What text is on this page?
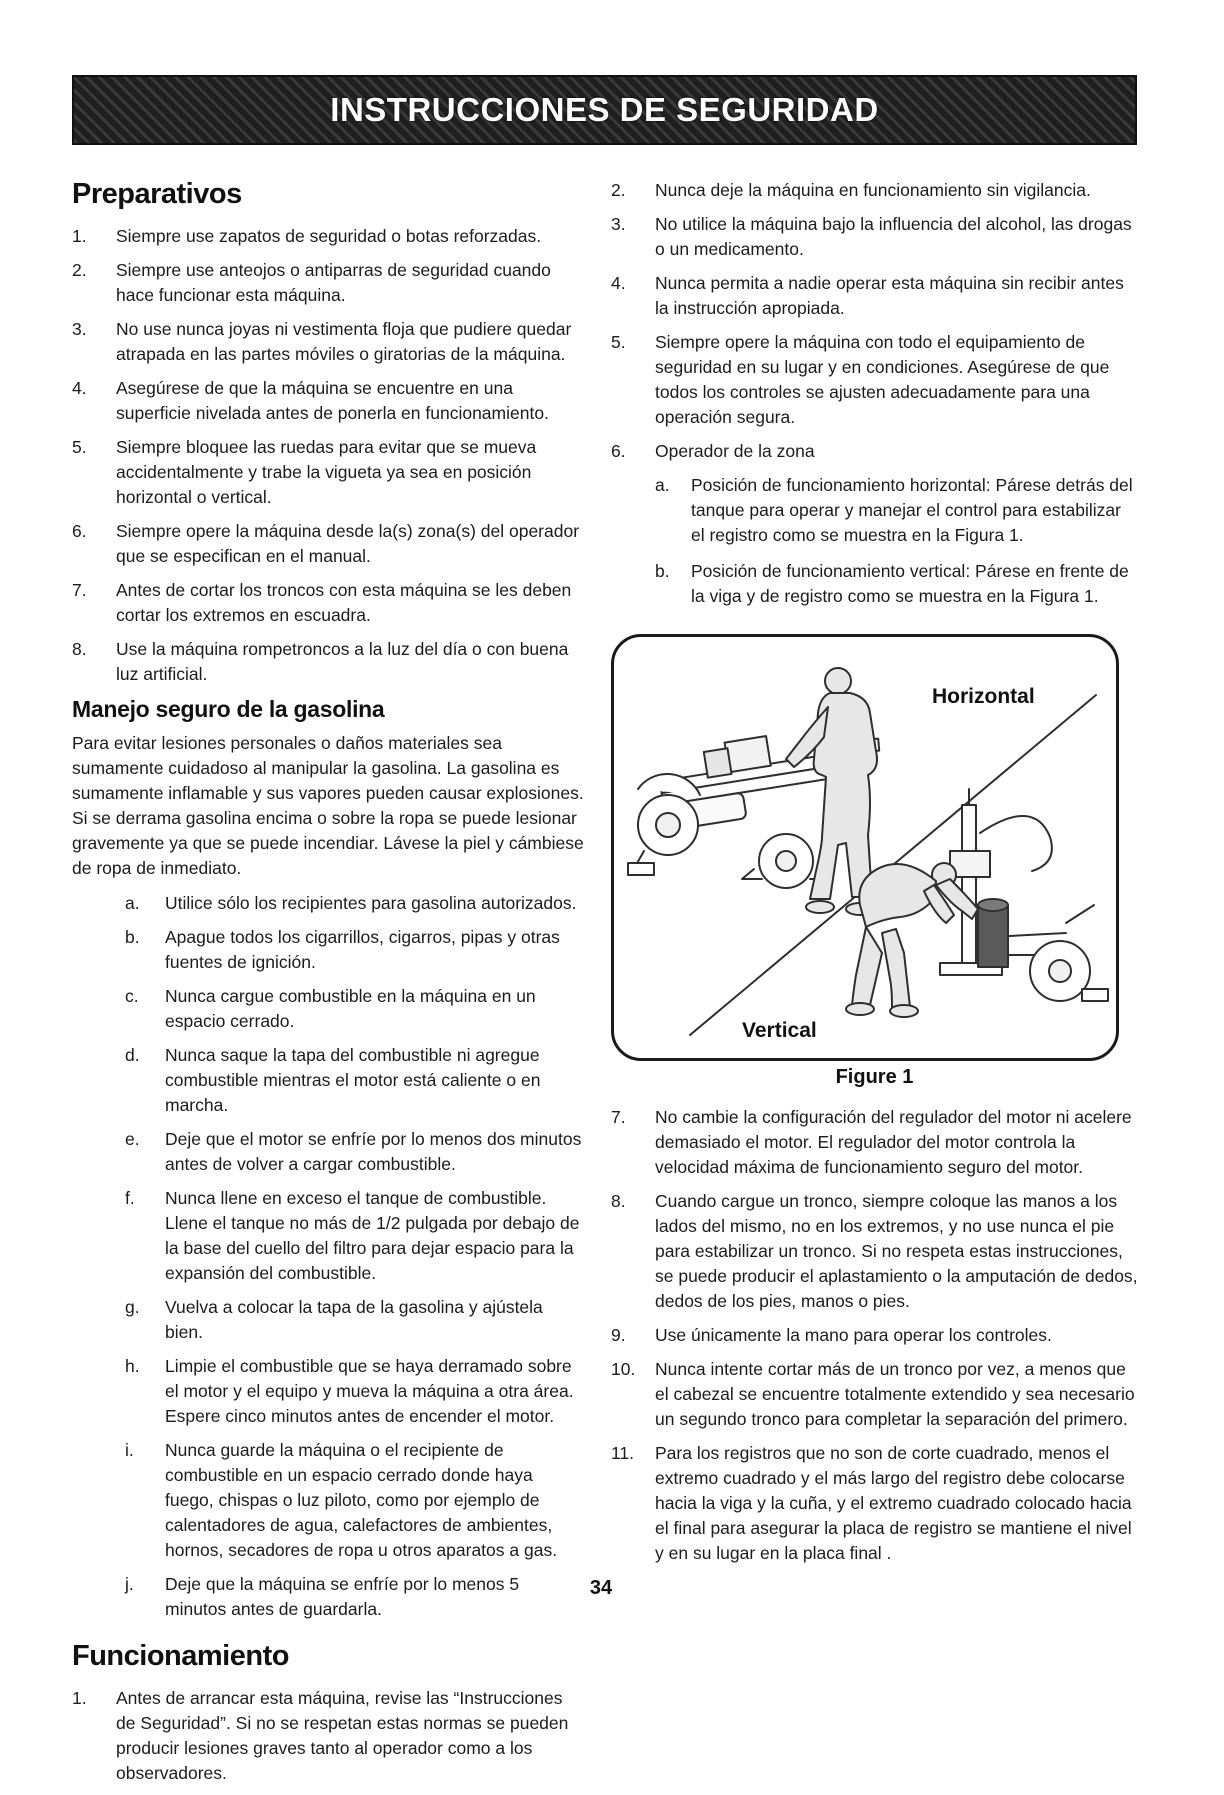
INSTRUCCIONES DE SEGURIDAD
Preparativos
1.	Siempre use zapatos de seguridad o botas reforzadas.
2.	Siempre use anteojos o antiparras de seguridad cuando hace funcionar esta máquina.
3.	No use nunca joyas ni vestimenta floja que pudiere quedar atrapada en las partes móviles o giratorias de la máquina.
4.	Asegúrese de que la máquina se encuentre en una superficie nivelada antes de ponerla en funcionamiento.
5.	Siempre bloquee las ruedas para evitar que se mueva accidentalmente y trabe la vigueta ya sea en posición horizontal o vertical.
6.	Siempre opere la máquina desde la(s) zona(s) del operador que se especifican en el manual.
7.	Antes de cortar los troncos con esta máquina se les deben cortar los extremos en escuadra.
8.	Use la máquina rompetroncos a la luz del día o con buena luz artificial.
Manejo seguro de la gasolina
Para evitar lesiones personales o daños materiales sea sumamente cuidadoso al manipular la gasolina. La gasolina es sumamente inflamable y sus vapores pueden causar explosiones. Si se derrama gasolina encima o sobre la ropa se puede lesionar gravemente ya que se puede incendiar. Lávese la piel y cámbiese de ropa de inmediato.
a.	Utilice sólo los recipientes para gasolina autorizados.
b.	Apague todos los cigarrillos, cigarros, pipas y otras fuentes de ignición.
c.	Nunca cargue combustible en la máquina en un espacio cerrado.
d.	Nunca saque la tapa del combustible ni agregue combustible mientras el motor está caliente o en marcha.
e.	Deje que el motor se enfríe por lo menos dos minutos antes de volver a cargar combustible.
f.	Nunca llene en exceso el tanque de combustible. Llene el tanque no más de 1/2 pulgada por debajo de la base del cuello del filtro para dejar espacio para la expansión del combustible.
g.	Vuelva a colocar la tapa de la gasolina y ajústela bien.
h.	Limpie el combustible que se haya derramado sobre el motor y el equipo y mueva la máquina a otra área. Espere cinco minutos antes de encender el motor.
i.	Nunca guarde la máquina o el recipiente de combustible en un espacio cerrado donde haya fuego, chispas o luz piloto, como por ejemplo de calentadores de agua, calefactores de ambientes, hornos, secadores de ropa u otros aparatos a gas.
j.	Deje que la máquina se enfríe por lo menos 5 minutos antes de guardarla.
Funcionamiento
1.	Antes de arrancar esta máquina, revise las “Instrucciones de Seguridad”. Si no se respetan estas normas se pueden producir lesiones graves tanto al operador como a los observadores.
2.	Nunca deje la máquina en funcionamiento sin vigilancia.
3.	No utilice la máquina bajo la influencia del alcohol, las drogas o un medicamento.
4.	Nunca permita a nadie operar esta máquina sin recibir antes la instrucción apropiada.
5.	Siempre opere la máquina con todo el equipamiento de seguridad en su lugar y en condiciones. Asegúrese de que todos los controles se ajusten adecuadamente para una operación segura.
6.	Operador de la zona
a.	Posición de funcionamiento horizontal: Párese detrás del tanque para operar y manejar el control para estabilizar el registro como se muestra en la Figura 1.
b.	Posición de funcionamiento vertical: Párese en frente de la viga y de registro como se muestra en la Figura 1.
Horizontal
Vertical
Figure 1
7.	No cambie la configuración del regulador del motor ni acelere demasiado el motor. El regulador del motor controla la velocidad máxima de funcionamiento seguro del motor.
8.	Cuando cargue un tronco, siempre coloque las manos a los lados del mismo, no en los extremos, y no use nunca el pie para estabilizar un tronco. Si no respeta estas instrucciones, se puede producir el aplastamiento o la amputación de dedos, dedos de los pies, manos o pies.
9.	Use únicamente la mano para operar los controles.
10.	Nunca intente cortar más de un tronco por vez, a menos que el cabezal se encuentre totalmente extendido y sea necesario un segundo tronco para completar la separación del primero.
11.	Para los registros que no son de corte cuadrado, menos el extremo cuadrado y el más largo del registro debe colocarse hacia la viga y la cuña, y el extremo cuadrado colocado hacia el final para asegurar la placa de registro se mantiene el nivel y en su lugar en la placa final .
34
